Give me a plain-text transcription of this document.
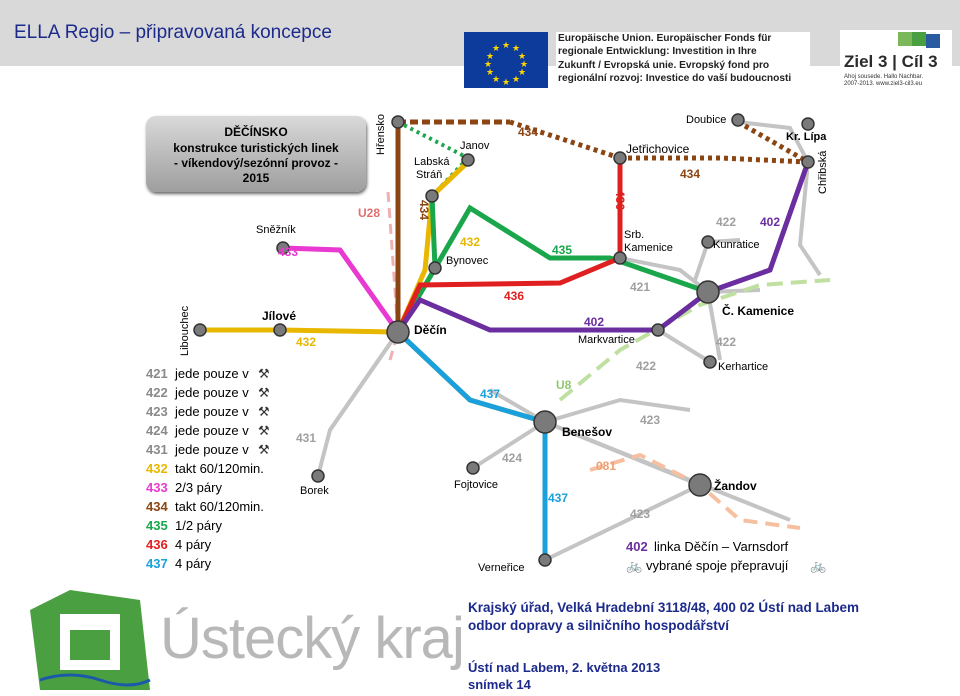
ELLA Regio – připravovaná koncepce
★ ★
★
★
★
★
★
★
★
★
★
★
Europäische Union. Europäischer Fonds für
regionale Entwicklung: Investition in Ihre
Zukunft / Evropská unie. Evropský fond pro
regionální rozvoj: Investice do vaší budoucnosti
Ziel 3 | Cíl 3
Ahoj sousede. Hallo Nachbar.
2007-2013. www.ziel3-cil3.eu
Hřensko	Janov
Labská
Stráň
Doubice
Kr. Lípa
Chřibská
Jetřichovice
Sněžník	Srb.
Kamenice	Kunratice
Bynovec
Libouchec	Jílové
Děčín
Č. Kamenice
Markvartice
Kerhartice
Benešov
Fojtovice
Borek	Žandov
Verneřice
434
434
434	436
436
432
432
433	435
402
402
437
437
U28
U8
081
421
422
422
422
423
423
424
431
421 jede pouze v ⚒
422 jede pouze v ⚒
423 jede pouze v ⚒
424 jede pouze v ⚒
431 jede pouze v ⚒
432 takt 60/120min.
433 2/3 páry
434 takt 60/120min.
435 1/2 páry
436 4 páry
437 4 páry
402 linka Děčín – Varnsdorf
🚲 vybrané spoje přepravují 🚲
DĚČÍNSKO
konstrukce turistických linek
- víkendový/sezónní provoz -
2015
Ústecký kraj Krajský úřad, Velká Hradební 3118/48, 400 02 Ústí nad Labem
odbor dopravy a silničního hospodářství
Ústí nad Labem, 2. května 2013
snímek 14
